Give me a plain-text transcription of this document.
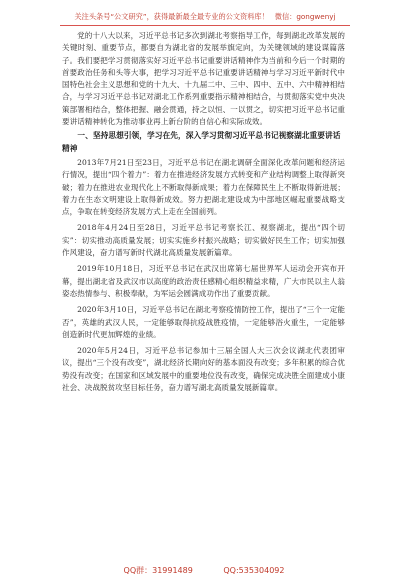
关注头条号“公文研究”，获得最新最全最专业的公文资料库！ 微信：gongwenyj

党的十八大以来，习近平总书记多次到湖北考察指导工作，每到湖北改革发展的关键时刻、重要节点，都要自为湖北省的发展举旗定向，为关键领域的建设谋篇落子。我们要把学习贯彻落实好习近平总书记重要讲话精神作为当前和今后一个时期的首要政治任务和头等大事，把学习习近平总书记重要讲话精神与学习习近平新时代中国特色社会主义思想和党的十九大、十九届二中、三中、四中、五中、六中精神相结合，与学习习近平总书记对湖北工作系列重要指示精神相结合，与贯彻落实党中央决策部署相结合，整体把握、融会贯通，持之以恒、一以贯之，切实把习近平总书记重要讲话精神转化为推动事业再上新台阶的自信心和实际成效。

一、坚持思想引领，学习在先，深入学习贯彻习近平总书记视察湖北重要讲话精神

2013年7月21日至23日，习近平总书记在湖北调研全面深化改革问题和经济运行情况，提出“四个着力”：着力在推进经济发展方式转变和产业结构调整上取得新突破；着力在推进农业现代化上不断取得新成果；着力在保障民生上不断取得新进展；着力在生态文明建设上取得新成效。努力把湖北建设成为中部地区崛起重要战略支点，争取在转变经济发展方式上走在全国前列。

2018年4月24日至28日，习近平总书记考察长江、视察湖北，提出“四个切实”：切实推动高质量发展；切实实施乡村振兴战略；切实做好民生工作；切实加强作风建设，奋力谱写新时代湖北高质量发展新篇章。

2019年10月18日，习近平总书记在武汉出席第七届世界军人运动会开宾布开幕，提出湖北省及武汉市以高度的政治责任感精心组织精益求精，广大市民以主人翁姿态热情参与、积极奉献，为军运会圆满成功作出了重要贡献。

2020年3月10日，习近平总书记在湖北考察疫情防控工作，提出了“三个一定能否”，英雄的武汉人民，一定能够取得抗疫战胜疫情，一定能够浴火重生，一定能够创造新时代更加辉煌的业绩。

2020年5月24日，习近平总书记参加十三届全国人大三次会议湖北代表团审议，提出“三个没有改变”，湖北经济长期向好的基本面没有改变；多年积累的综合优势没有改变；在国家和区域发展中的重要地位没有改变，确保完成决胜全面建成小康社会、决战脱贫攻坚目标任务，奋力谱写湖北高质量发展新篇章。

QQ群：31991489	QQ:535304092
